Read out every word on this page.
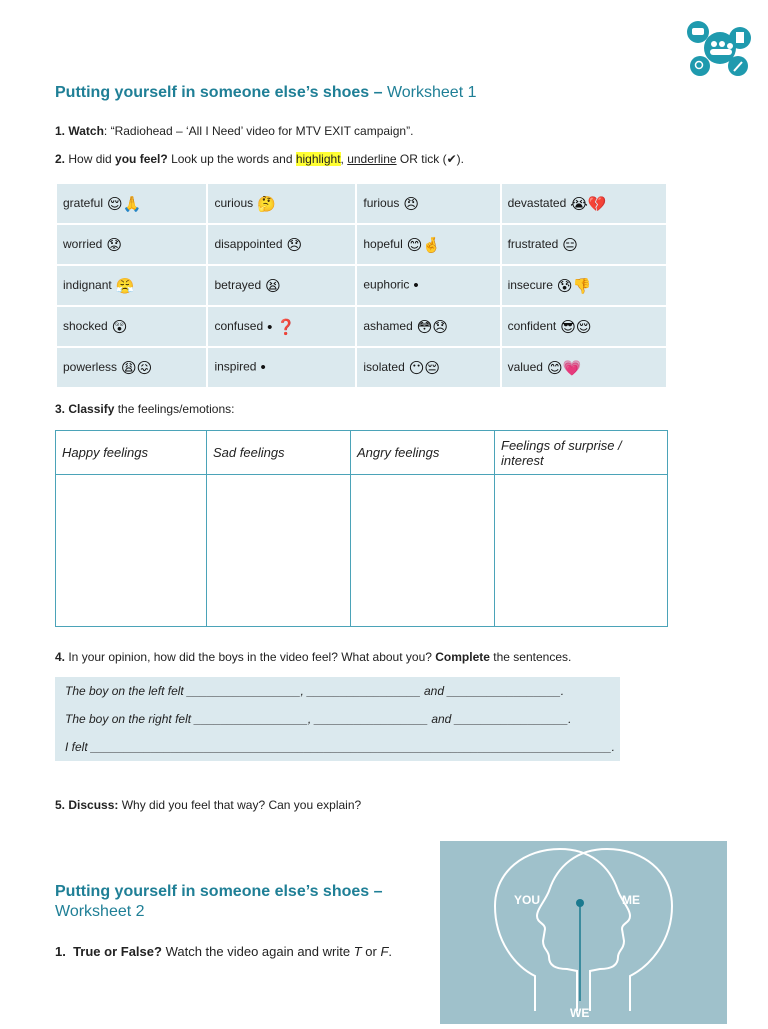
Putting yourself in someone else’s shoes – Worksheet 1
1. Watch: “Radiohead – ‘All I Need’ video for MTV EXIT campaign”.
2. How did you feel? Look up the words and highlight, underline OR tick (✔).
grateful 😌🙏	curious 🤔	furious 😠	devastated 😭💔
worried 😟	disappointed 😞	hopeful 😊🤞	frustrated 😑
indignant 😤	betrayed 😫	euphoric •	insecure 😰👎
shocked 😲	confused • ❓	ashamed 😳😞	confident 😎😌
powerless 😩😖	inspired •	isolated 😶😔	valued 😊💗
3. Classify the feelings/emotions:
Happy feelings	Sad feelings	Angry feelings	Feelings of surprise / interest

4. In your opinion, how did the boys in the video feel? What about you? Complete the sentences.
The boy on the left felt _________________, _________________ and _________________.
The boy on the right felt _________________, _________________ and _________________.
I felt ______________________________________________________________________________.
5. Discuss: Why did you feel that way? Can you explain?
Putting yourself in someone else’s shoes –
Worksheet 2
1. True or False? Watch the video again and write T or F.
YOU	ME
WE
